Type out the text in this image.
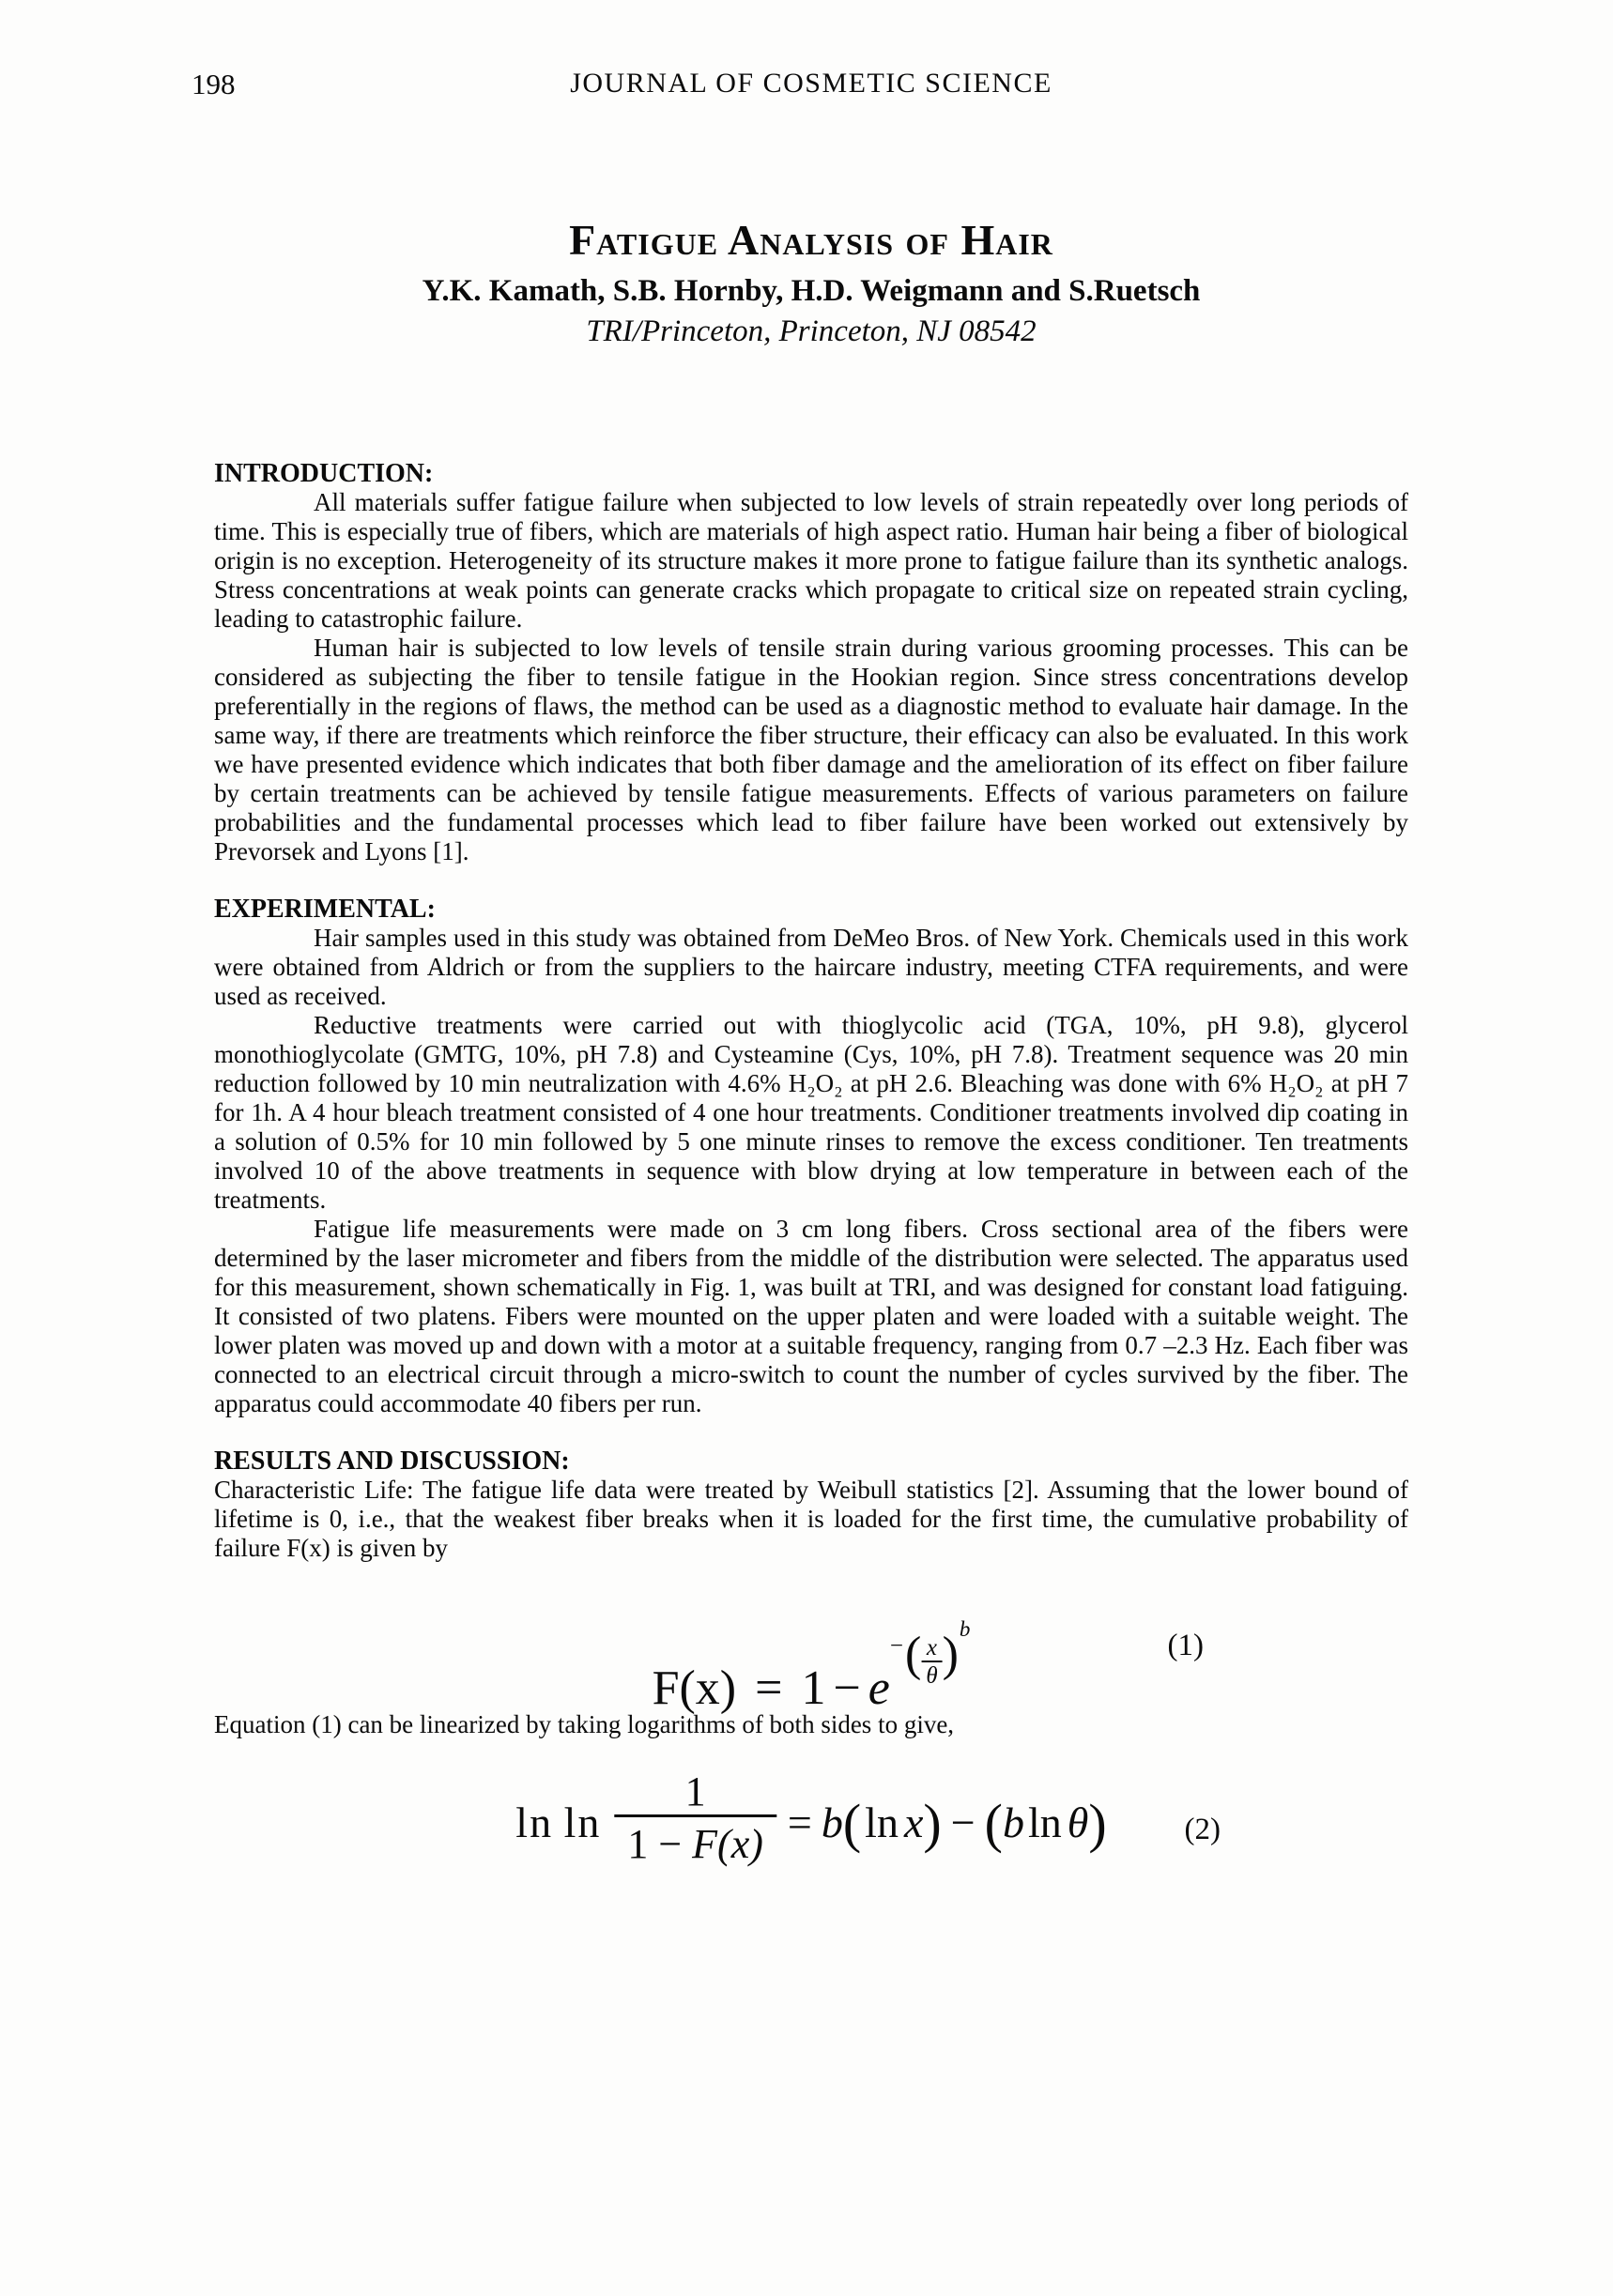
198	JOURNAL OF COSMETIC SCIENCE
Fatigue Analysis of Hair
Y.K. Kamath, S.B. Hornby, H.D. Weigmann and S.Ruetsch
TRI/Princeton, Princeton, NJ 08542
INTRODUCTION:

All materials suffer fatigue failure when subjected to low levels of strain repeatedly over long periods of time. This is especially true of fibers, which are materials of high aspect ratio. Human hair being a fiber of biological origin is no exception. Heterogeneity of its structure makes it more prone to fatigue failure than its synthetic analogs. Stress concentrations at weak points can generate cracks which propagate to critical size on repeated strain cycling, leading to catastrophic failure.

Human hair is subjected to low levels of tensile strain during various grooming processes. This can be considered as subjecting the fiber to tensile fatigue in the Hookian region. Since stress concentrations develop preferentially in the regions of flaws, the method can be used as a diagnostic method to evaluate hair damage. In the same way, if there are treatments which reinforce the fiber structure, their efficacy can also be evaluated. In this work we have presented evidence which indicates that both fiber damage and the amelioration of its effect on fiber failure by certain treatments can be achieved by tensile fatigue measurements. Effects of various parameters on failure probabilities and the fundamental processes which lead to fiber failure have been worked out extensively by Prevorsek and Lyons [1].

EXPERIMENTAL:

Hair samples used in this study was obtained from DeMeo Bros. of New York. Chemicals used in this work were obtained from Aldrich or from the suppliers to the haircare industry, meeting CTFA requirements, and were used as received.

Reductive treatments were carried out with thioglycolic acid (TGA, 10%, pH 9.8), glycerol monothioglycolate (GMTG, 10%, pH 7.8) and Cysteamine (Cys, 10%, pH 7.8). Treatment sequence was 20 min reduction followed by 10 min neutralization with 4.6% H₂O₂ at pH 2.6. Bleaching was done with 6% H₂O₂ at pH 7 for 1h. A 4 hour bleach treatment consisted of 4 one hour treatments. Conditioner treatments involved dip coating in a solution of 0.5% for 10 min followed by 5 one minute rinses to remove the excess conditioner. Ten treatments involved 10 of the above treatments in sequence with blow drying at low temperature in between each of the treatments.

Fatigue life measurements were made on 3 cm long fibers. Cross sectional area of the fibers were determined by the laser micrometer and fibers from the middle of the distribution were selected. The apparatus used for this measurement, shown schematically in Fig. 1, was built at TRI, and was designed for constant load fatiguing. It consisted of two platens. Fibers were mounted on the upper platen and were loaded with a suitable weight. The lower platen was moved up and down with a motor at a suitable frequency, ranging from 0.7 –2.3 Hz. Each fiber was connected to an electrical circuit through a micro-switch to count the number of cycles survived by the fiber. The apparatus could accommodate 40 fibers per run.

RESULTS AND DISCUSSION:

Characteristic Life: The fatigue life data were treated by Weibull statistics [2]. Assuming that the lower bound of lifetime is 0, i.e., that the weakest fiber breaks when it is loaded for the first time, the cumulative probability of failure F(x) is given by

$F(x) = 1 - e-( \frac{x}{\theta} )b$	(1)

Equation (1) can be linearized by taking logarithms of both sides to give,

$\ln \ln \frac{1}{1 - F(x)} = b(\ln$ x) − (bln θ)	(2)
